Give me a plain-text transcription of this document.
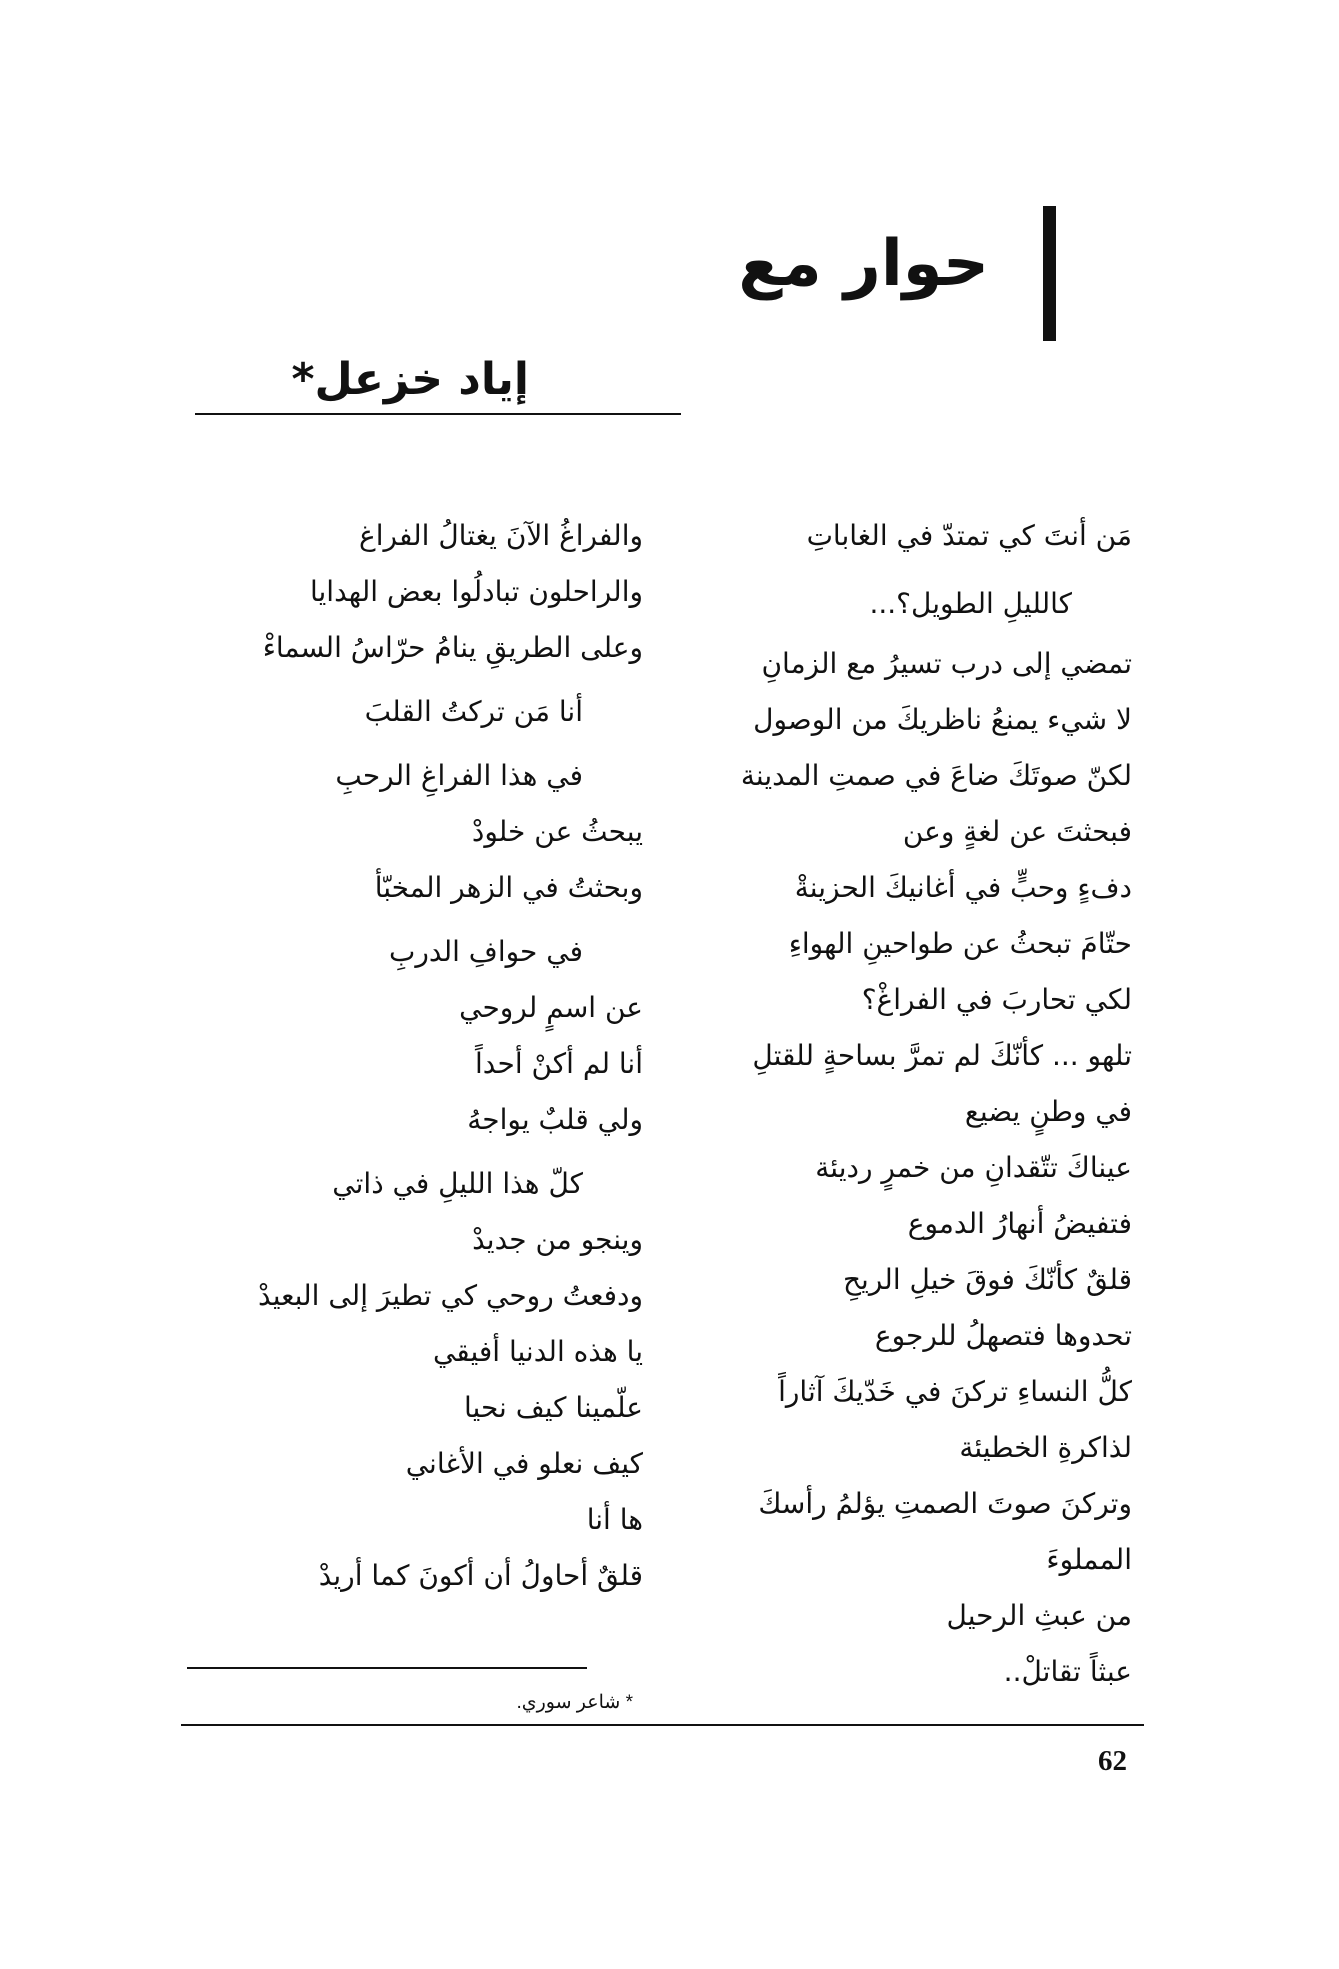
حوار مع
إياد خزعل*
مَن أنتَ كي تمتدّ في الغاباتِ
كالليلِ الطويل؟...
تمضي إلى درب تسيرُ مع الزمانِ
لا شيء يمنعُ ناظريكَ من الوصول
لكنّ صوتَكَ ضاعَ في صمتِ المدينة
فبحثتَ عن لغةٍ وعن
دفءٍ وحبٍّ في أغانيكَ الحزينةْ
حتّامَ تبحثُ عن طواحينِ الهواءِ
لكي تحاربَ في الفراغْ؟
تلهو ... كأنّكَ لم تمرَّ بساحةٍ للقتلِ
في وطنٍ يضيع
عيناكَ تتّقدانِ من خمرٍ رديئة
فتفيضُ أنهارُ الدموع
قلقٌ كأنّكَ فوقَ خيلِ الريحِ
تحدوها فتصهلُ للرجوع
كلُّ النساءِ تركنَ في خَدّيكَ آثاراً
لذاكرةِ الخطيئة
وتركنَ صوتَ الصمتِ يؤلمُ رأسكَ
المملوءَ
من عبثِ الرحيل
عبثاً تقاتلْ..
والفراغُ الآنَ يغتالُ الفراغ
والراحلون تبادلُوا بعض الهدايا
وعلى الطريقِ ينامُ حرّاسُ السماءْ
أنا مَن تركتُ القلبَ
في هذا الفراغِ الرحبِ
يبحثُ عن خلودْ
وبحثتُ في الزهر المخبّأ
في حوافِ الدربِ
عن اسمٍ لروحي
أنا لم أكنْ أحداً
ولي قلبٌ يواجهُ
كلّ هذا الليلِ في ذاتي
وينجو من جديدْ
ودفعتُ روحي كي تطيرَ إلى البعيدْ
يا هذه الدنيا أفيقي
علّمينا كيف نحيا
كيف نعلو في الأغاني
ها أنا
قلقٌ أحاولُ أن أكونَ كما أريدْ
* شاعر سوري.
62
